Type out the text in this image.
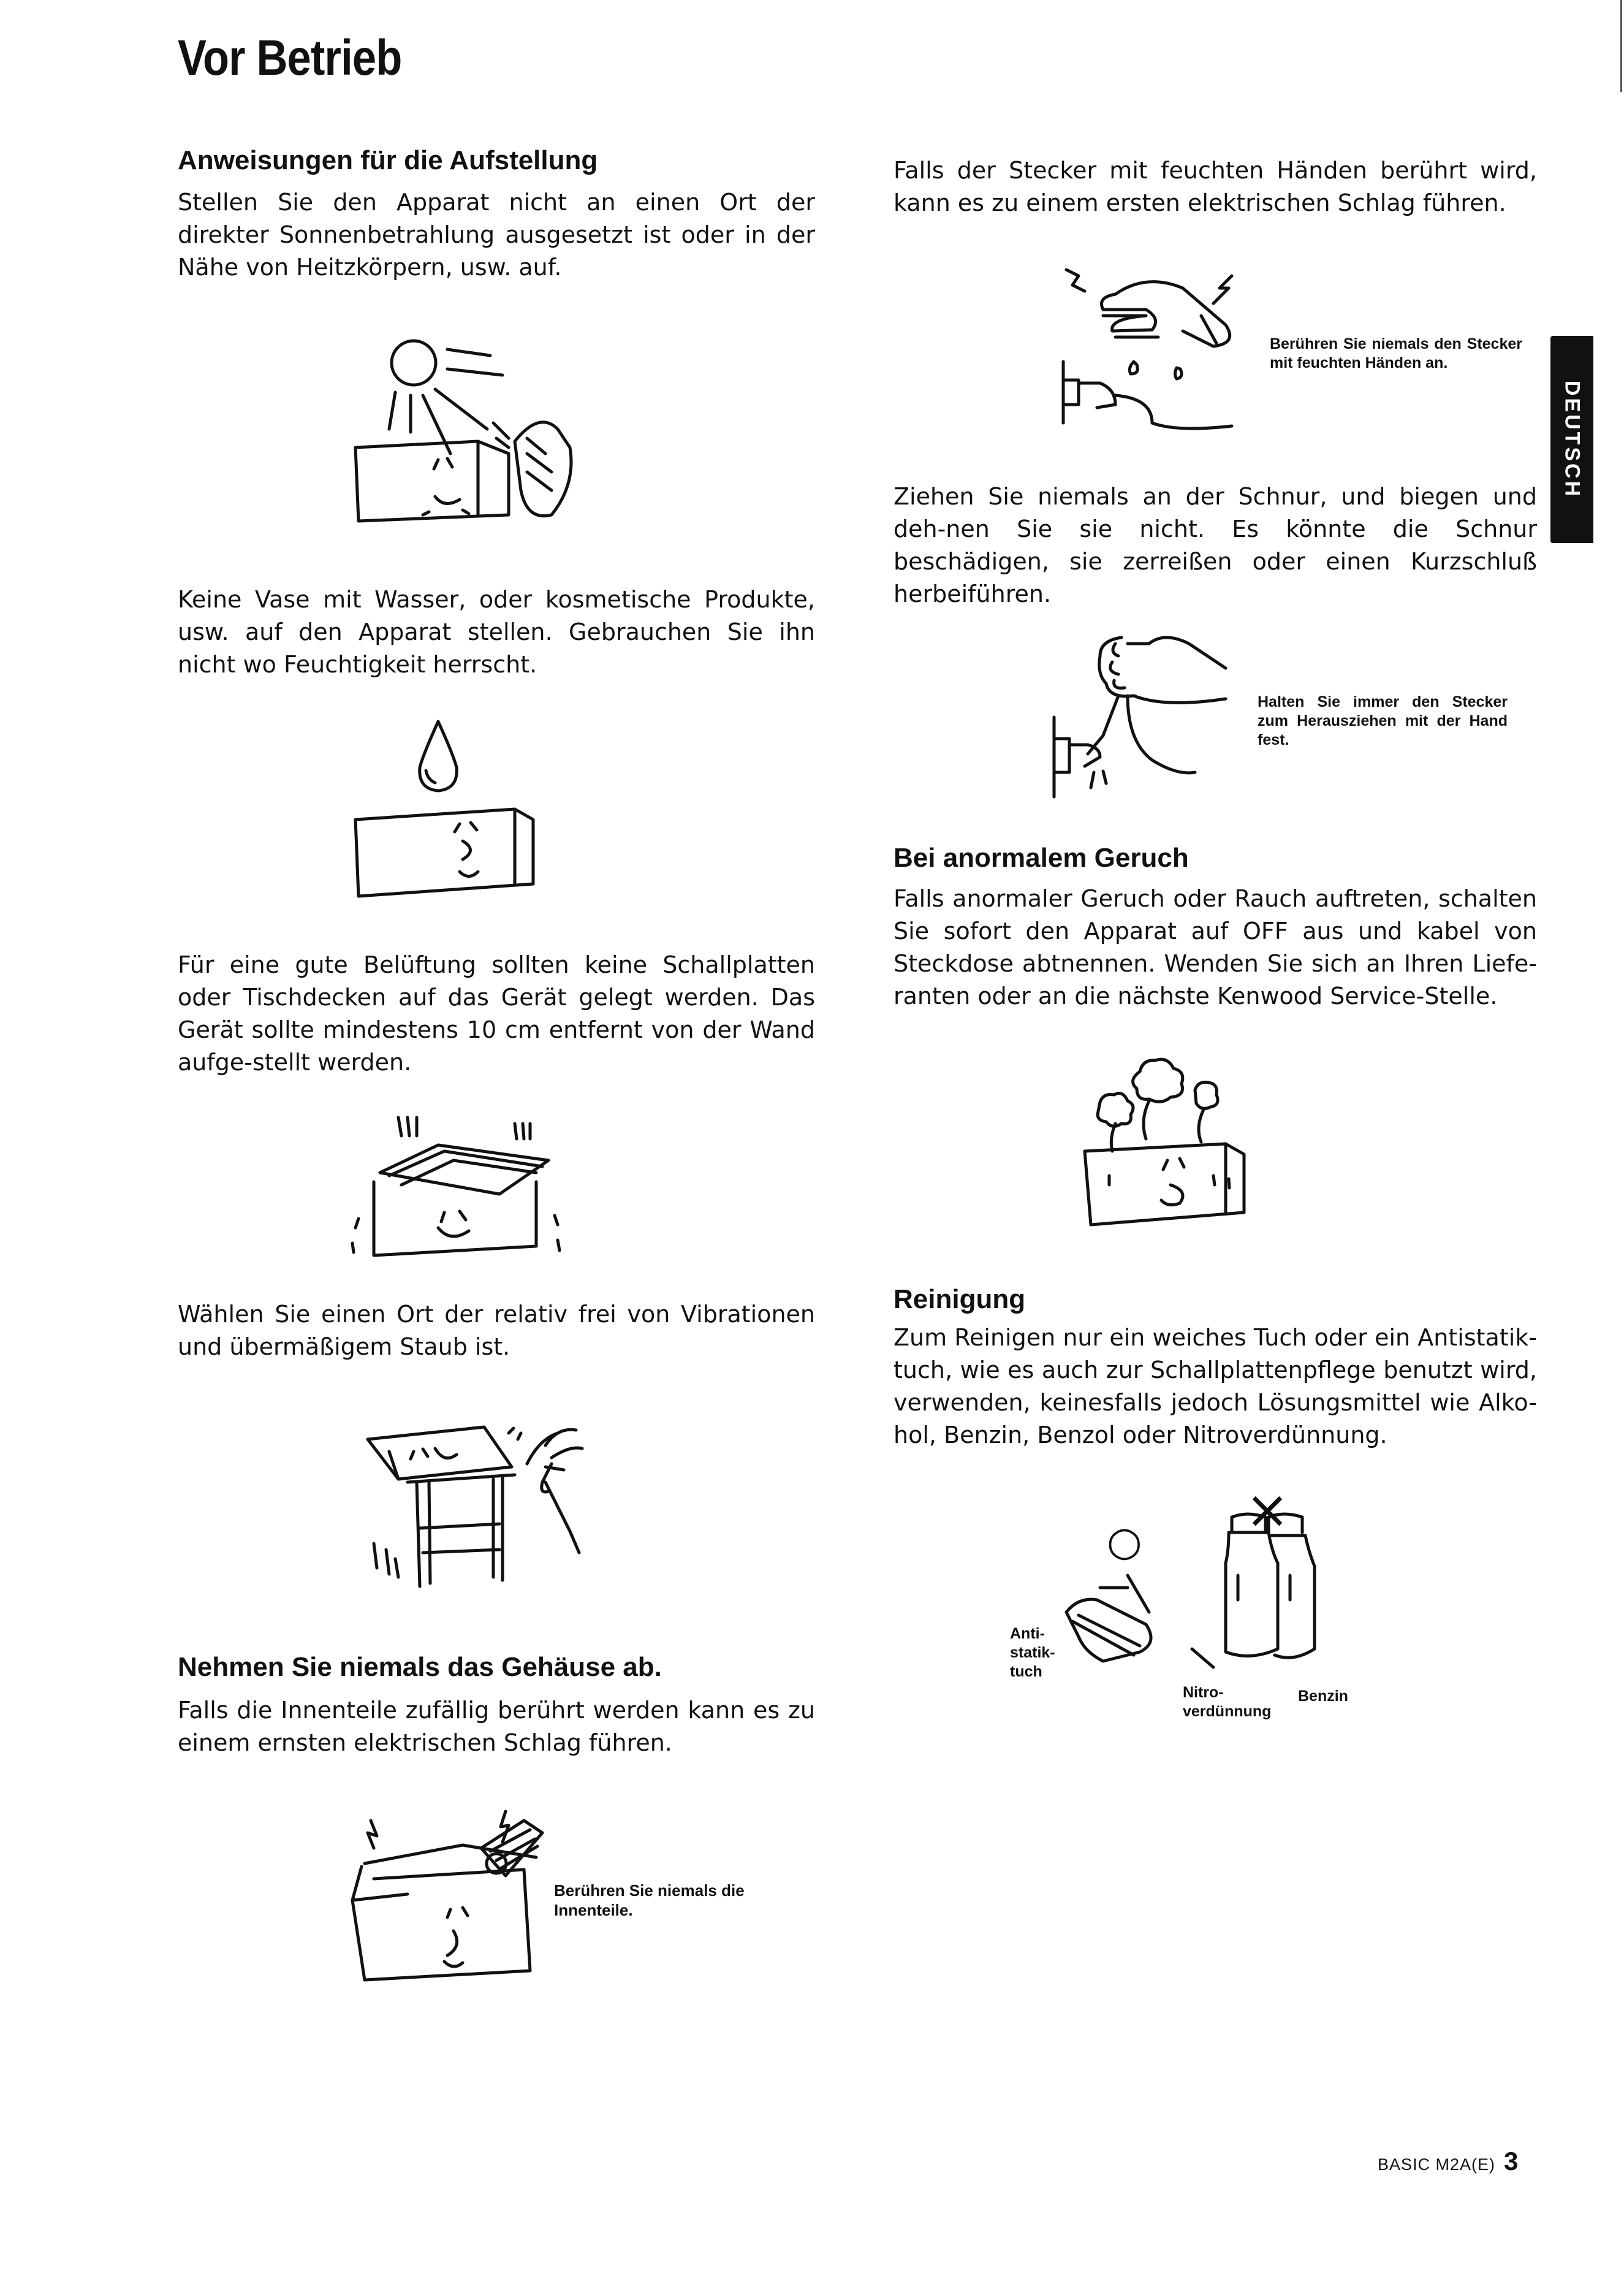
Vor Betrieb
DEUTSCH
Anweisungen für die Aufstellung

Stellen Sie den Apparat nicht an einen Ort der direkter Sonnenbetrahlung ausgesetzt ist oder in der Nähe von Heitzkörpern, usw. auf.

Keine Vase mit Wasser, oder kosmetische Produkte, usw. auf den Apparat stellen. Gebrauchen Sie ihn nicht wo Feuchtigkeit herrscht.

Für eine gute Belüftung sollten keine Schallplatten oder Tischdecken auf das Gerät gelegt werden. Das Gerät sollte mindestens 10 cm entfernt von der Wand aufge-stellt werden.

Wählen Sie einen Ort der relativ frei von Vibrationen und übermäßigem Staub ist.

Nehmen Sie niemals das Gehäuse ab.

Falls die Innenteile zufällig berührt werden kann es zu einem ernsten elektrischen Schlag führen.

Berühren Sie niemals die Innenteile.

Falls der Stecker mit feuchten Händen berührt wird, kann es zu einem ersten elektrischen Schlag führen.

Berühren Sie niemals den Stecker mit feuchten Händen an.

Ziehen Sie niemals an der Schnur, und biegen und deh-nen Sie sie nicht. Es könnte die Schnur beschädigen, sie zerreißen oder einen Kurzschluß herbeiführen.

Halten Sie immer den Stecker zum Herausziehen mit der Hand fest.

Bei anormalem Geruch

Falls anormaler Geruch oder Rauch auftreten, schalten Sie sofort den Apparat auf OFF aus und kabel von Steckdose abtnennen. Wenden Sie sich an Ihren Liefe-ranten oder an die nächste Kenwood Service-Stelle.

Reinigung

Zum Reinigen nur ein weiches Tuch oder ein Antistatik-tuch, wie es auch zur Schallplattenpflege benutzt wird, verwenden, keinesfalls jedoch Lösungsmittel wie Alko-hol, Benzin, Benzol oder Nitroverdünnung.

○
×

Anti-statik-tuch

Nitro-verdünnung

Benzin

BASIC M2A(E) 3
